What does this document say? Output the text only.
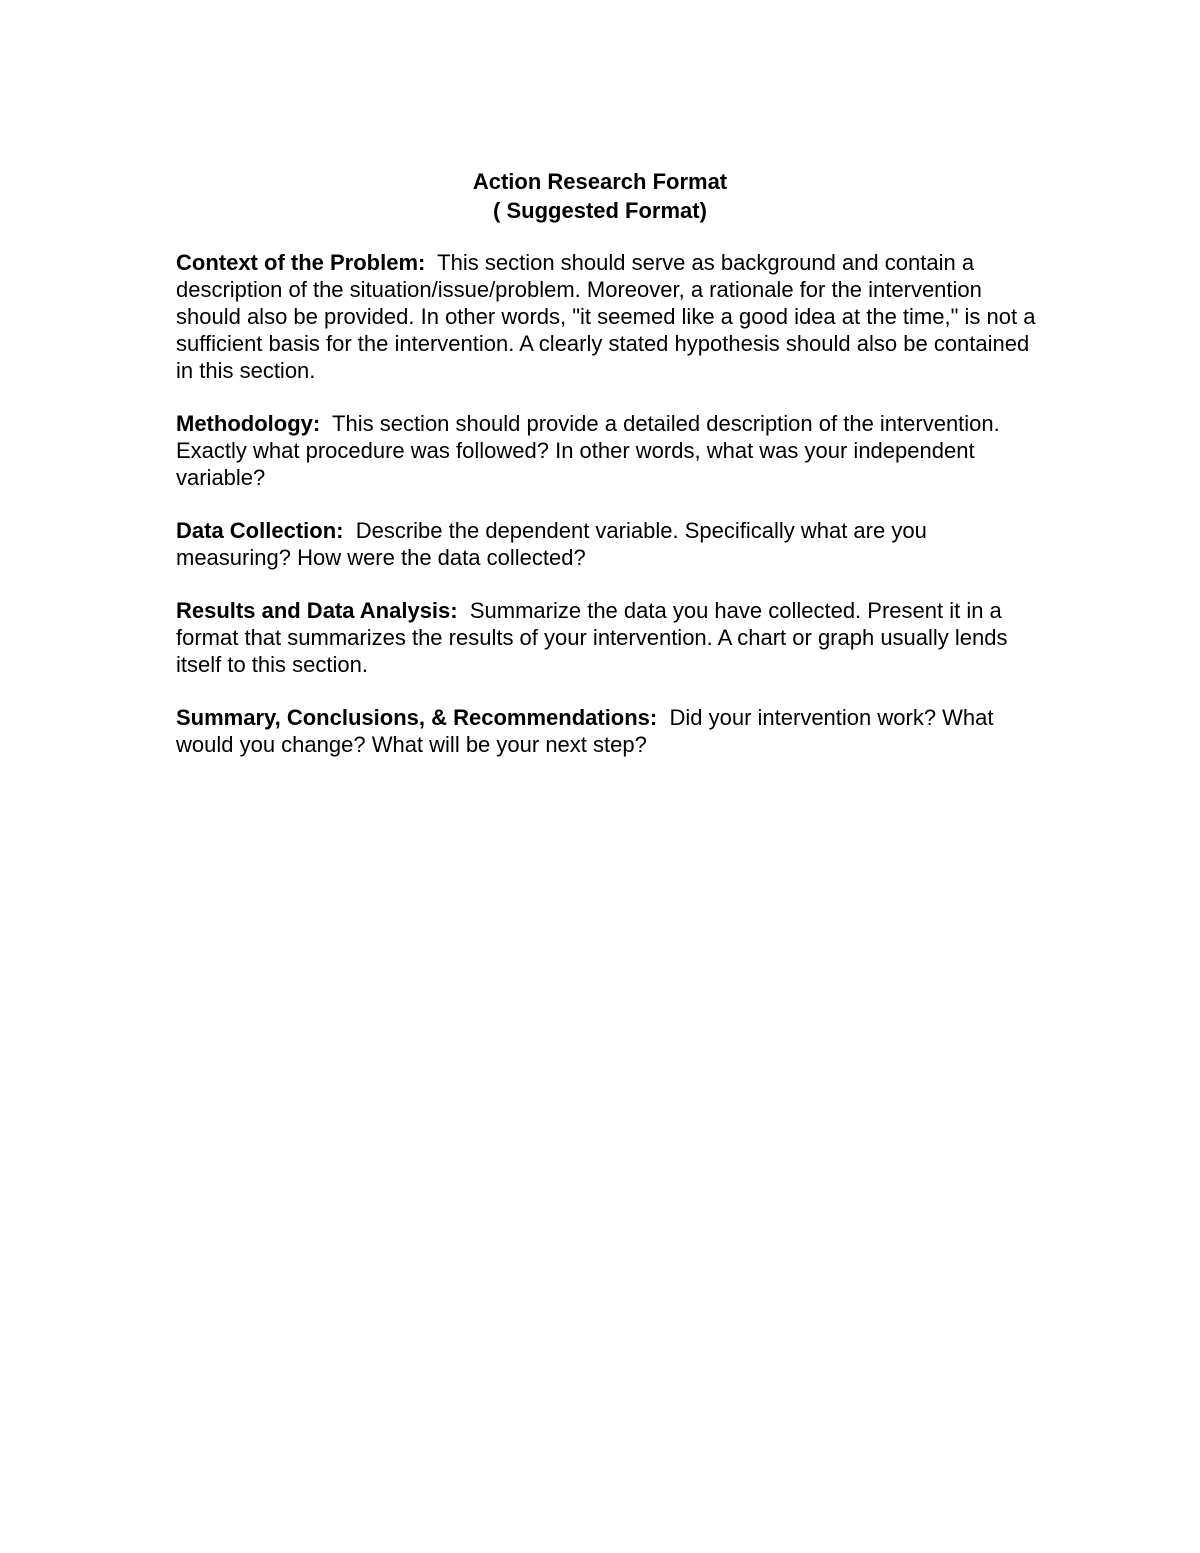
Action Research Format
( Suggested Format)

Context of the Problem: This section should serve as background and contain a description of the situation/issue/problem. Moreover, a rationale for the intervention should also be provided. In other words, "it seemed like a good idea at the time," is not a sufficient basis for the intervention. A clearly stated hypothesis should also be contained in this section.

Methodology: This section should provide a detailed description of the intervention. Exactly what procedure was followed? In other words, what was your independent variable?

Data Collection: Describe the dependent variable. Specifically what are you measuring? How were the data collected?

Results and Data Analysis: Summarize the data you have collected. Present it in a format that summarizes the results of your intervention. A chart or graph usually lends itself to this section.

Summary, Conclusions, & Recommendations: Did your intervention work? What would you change? What will be your next step?
